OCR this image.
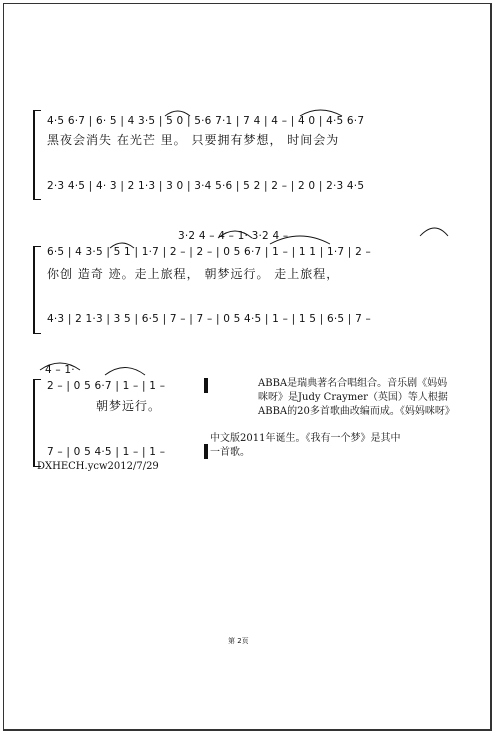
4·5 6·7 | 6· 5 | 4 3·5 | 5 0 | 5·6 7·1 | 7 4 | 4 – | 4 0 | 4·5 6·7
黑夜会消失 在光芒 里。 只要拥有梦想， 时间会为
2·3 4·5 | 4· 3 | 2 1·3 | 3 0 | 3·4 5·6 | 5 2 | 2 – | 2 0 | 2·3 4·5
3·2 4 – 4 – 1· 3·2 4 –
6·5 | 4 3·5 | 5 1 | 1·7 | 2 – | 2 – | 0 5 6·7 | 1 – | 1 1 | 1·7 | 2 –
你创 造奇 迹。走上旅程， 朝梦远行。 走上旅程，
4·3 | 2 1·3 | 3 5 | 6·5 | 7 – | 7 – | 0 5 4·5 | 1 – | 1 5 | 6·5 | 7 –
4 – 1·
2 – | 0 5 6·7 | 1 – | 1 –
朝梦远行。
7 – | 0 5 4·5 | 1 – | 1 –
ABBA是瑞典著名合唱组合。音乐剧《妈妈
咪呀》是Judy Craymer（英国）等人根据
ABBA的20多首歌曲改编而成。《妈妈咪呀》
中文版2011年诞生。《我有一个梦》是其中
一首歌。
DXHECH.ycw2012/7/29
第 2页
